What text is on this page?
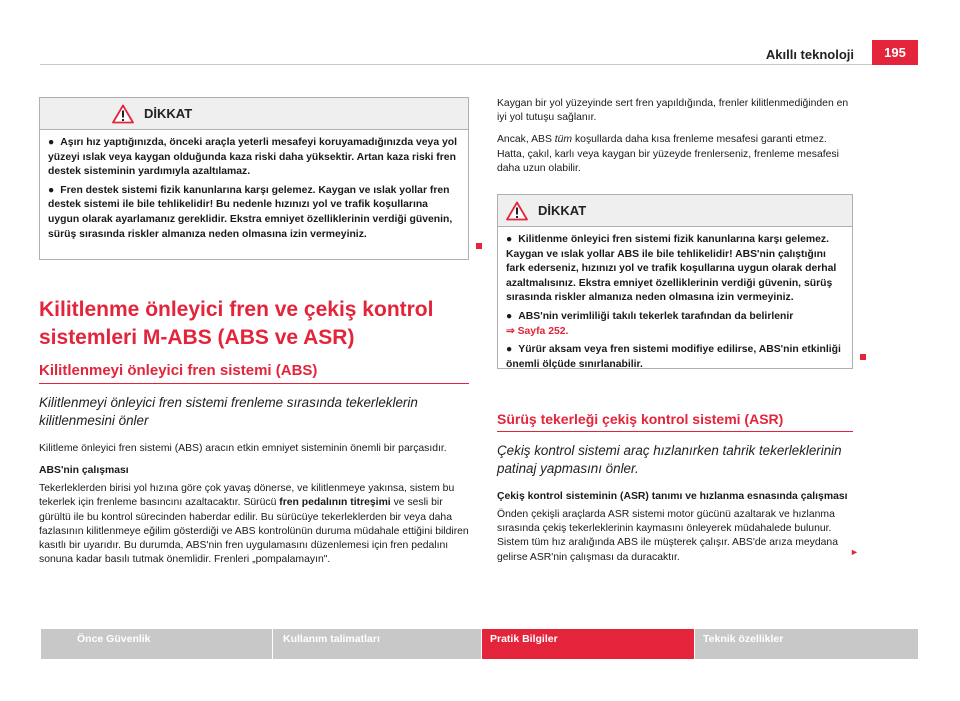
Akıllı teknoloji	195
DİKKAT

● Aşırı hız yaptığınızda, önceki araçla yeterli mesafeyi koruyamadığınızda veya yol yüzeyi ıslak veya kaygan olduğunda kaza riski daha yüksektir. Artan kaza riski fren destek sisteminin yardımıyla azaltılamaz.

● Fren destek sistemi fizik kanunlarına karşı gelemez. Kaygan ve ıslak yollar fren destek sistemi ile bile tehlikelidir! Bu nedenle hızınızı yol ve trafik koşullarına uygun olarak ayarlamanız gereklidir. Ekstra emniyet özelliklerinin verdiği güvenin, sürüş sırasında riskler almanıza neden olmasına izin vermeyiniz.

Kilitlenme önleyici fren ve çekiş kontrol sistemleri M-ABS (ABS ve ASR)
Kilitlenmeyi önleyici fren sistemi (ABS)

Kilitlenmeyi önleyici fren sistemi frenleme sırasında tekerleklerin kilitlenmesini önler

Kilitleme önleyici fren sistemi (ABS) aracın etkin emniyet sisteminin önemli bir parçasıdır.

ABS'nin çalışması

Tekerleklerden birisi yol hızına göre çok yavaş dönerse, ve kilitlenmeye yakınsa, sistem bu tekerlek için frenleme basıncını azaltacaktır. Sürücü fren pedalının titreşimi ve sesli bir gürültü ile bu kontrol sürecinden haberdar edilir. Bu sürücüye tekerleklerden bir veya daha fazlasının kilitlenmeye eğilim gösterdiği ve ABS kontrolünün duruma müdahale ettiğini bildiren kasıtlı bir uyarıdır. Bu durumda, ABS'nin fren uygulamasını düzenlemesi için fren pedalını sonuna kadar basılı tutmak önemlidir. Frenleri „pompalamayın".

Kaygan bir yol yüzeyinde sert fren yapıldığında, frenler kilitlenmediğinden en iyi yol tutuşu sağlanır.

Ancak, ABS tüm koşullarda daha kısa frenleme mesafesi garanti etmez. Hatta, çakıl, karlı veya kaygan bir yüzeyde frenlerseniz, frenleme mesafesi daha uzun olabilir.

DİKKAT

● Kilitlenme önleyici fren sistemi fizik kanunlarına karşı gelemez. Kaygan ve ıslak yollar ABS ile bile tehlikelidir! ABS'nin çalıştığını fark ederseniz, hızınızı yol ve trafik koşullarına uygun olarak derhal azaltmalısınız. Ekstra emniyet özelliklerinin verdiği güvenin, sürüş sırasında riskler almanıza neden olmasına izin vermeyiniz.

● ABS'nin verimliliği takılı tekerlek tarafından da belirlenir
⇒ Sayfa 252.

● Yürür aksam veya fren sistemi modifiye edilirse, ABS'nin etkinliği önemli ölçüde sınırlanabilir.

Sürüş tekerleği çekiş kontrol sistemi (ASR)

Çekiş kontrol sistemi araç hızlanırken tahrik tekerleklerinin patinaj yapmasını önler.

Çekiş kontrol sisteminin (ASR) tanımı ve hızlanma esnasında çalışması

Önden çekişli araçlarda ASR sistemi motor gücünü azaltarak ve hızlanma sırasında çekiş tekerleklerinin kaymasını önleyerek müdahalede bulunur. Sistem tüm hız aralığında ABS ile müşterek çalışır. ABS'de arıza meydana gelirse ASR'nin çalışması da duracaktır.	►
Önce Güvenlik	Kullanım talimatları	Pratik Bilgiler	Teknik özellikler
